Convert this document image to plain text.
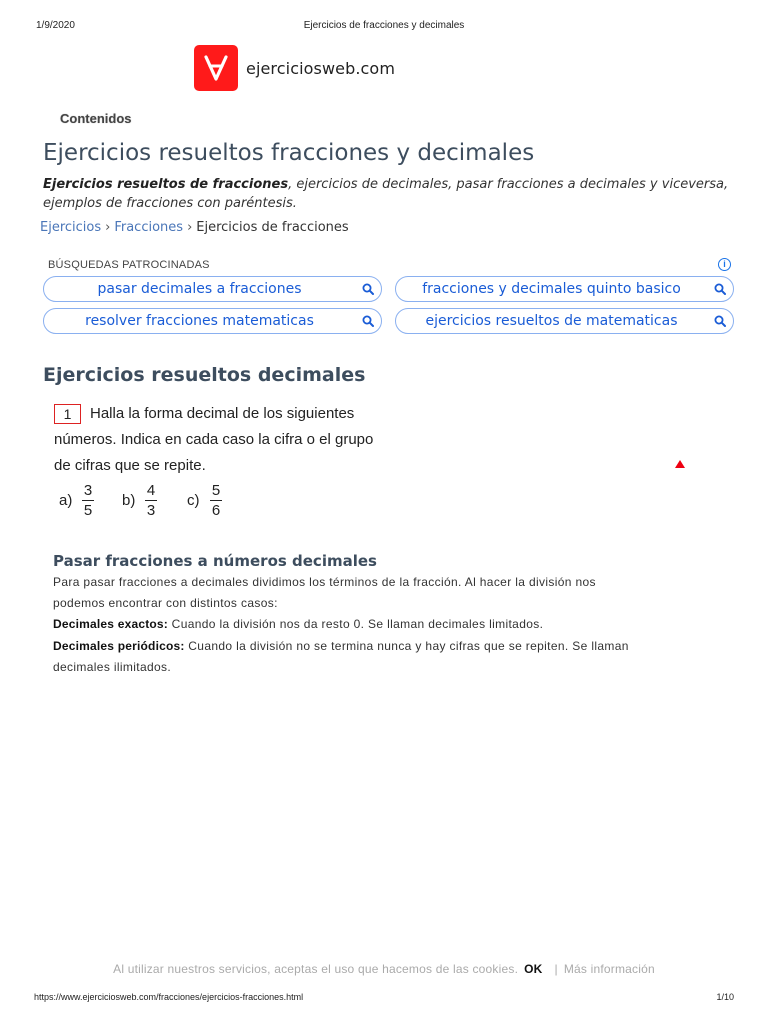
1/9/2020	Ejercicios de fracciones y decimales
ejerciciosweb.com
Contenidos
Ejercicios resueltos fracciones y decimales
Ejercicios resueltos de fracciones, ejercicios de decimales, pasar fracciones a decimales y viceversa,
ejemplos de fracciones con paréntesis.
Ejercicios › Fracciones › Ejercicios de fracciones
BÚSQUEDAS PATROCINADAS	i
pasar decimales a fracciones	fracciones y decimales quinto basico
resolver fracciones matematicas	ejercicios resueltos de matematicas
Ejercicios resueltos decimales
1	Halla la forma decimal de los siguientes
números. Indica en cada caso la cifra o el grupo
de cifras que se repite.
a)
3
5
b)
4
3
c)
5
6
Pasar fracciones a números decimales
Para pasar fracciones a decimales dividimos los términos de la fracción. Al hacer la división nos
podemos encontrar con distintos casos:
Decimales exactos: Cuando la división nos da resto 0. Se llaman decimales limitados.
Decimales periódicos: Cuando la división no se termina nunca y hay cifras que se repiten. Se llaman
decimales ilimitados.
Al utilizar nuestros servicios, aceptas el uso que hacemos de las cookies. OK | Más información
https://www.ejerciciosweb.com/fracciones/ejercicios-fracciones.html	1/10
